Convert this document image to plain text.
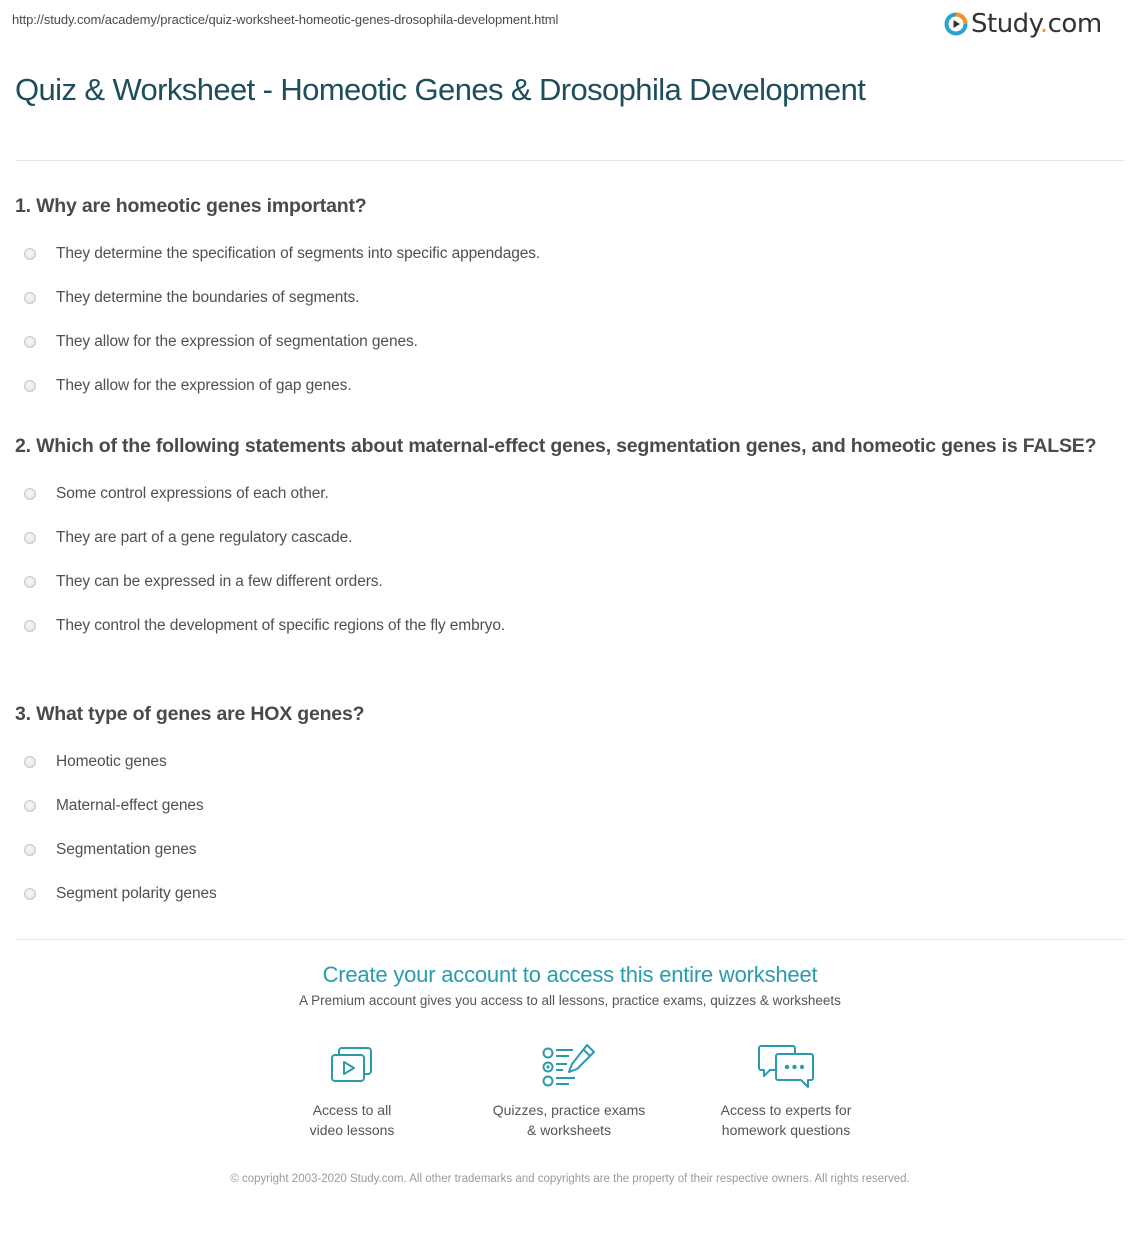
http://study.com/academy/practice/quiz-worksheet-homeotic-genes-drosophila-development.html	Study.com
Quiz & Worksheet - Homeotic Genes & Drosophila Development
1. Why are homeotic genes important?
They determine the specification of segments into specific appendages.
They determine the boundaries of segments.
They allow for the expression of segmentation genes.
They allow for the expression of gap genes.
2. Which of the following statements about maternal-effect genes, segmentation genes, and homeotic genes is FALSE?
Some control expressions of each other.
They are part of a gene regulatory cascade.
They can be expressed in a few different orders.
They control the development of specific regions of the fly embryo.
3. What type of genes are HOX genes?
Homeotic genes
Maternal-effect genes
Segmentation genes
Segment polarity genes
Create your account to access this entire worksheet
A Premium account gives you access to all lessons, practice exams, quizzes & worksheets
Access to all
video lessons
Quizzes, practice exams
& worksheets
Access to experts for
homework questions
© copyright 2003-2020 Study.com. All other trademarks and copyrights are the property of their respective owners. All rights reserved.
